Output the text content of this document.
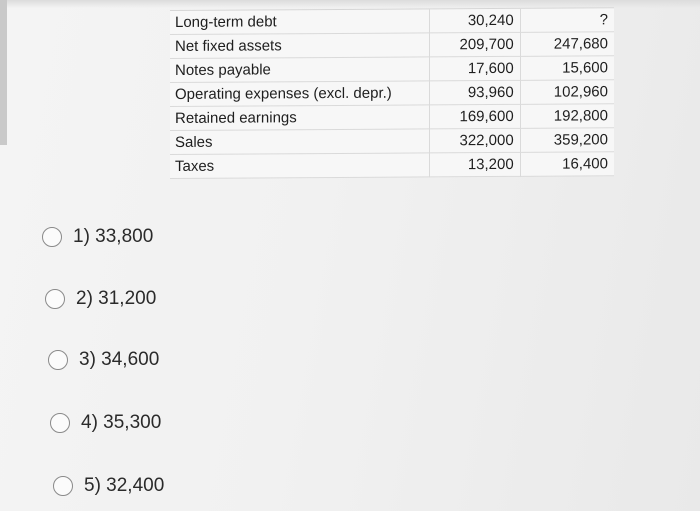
Long-term debt	30,240	?
Net fixed assets	209,700	247,680
Notes payable	17,600	15,600
Operating expenses (excl. depr.)	93,960	102,960
Retained earnings	169,600	192,800
Sales	322,000	359,200
Taxes	13,200	16,400
1) 33,800
2) 31,200
3) 34,600
4) 35,300
5) 32,400
